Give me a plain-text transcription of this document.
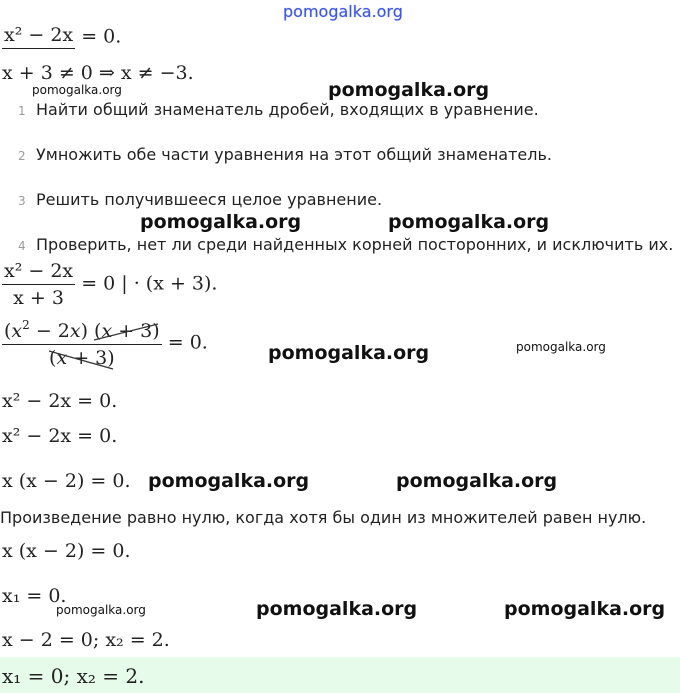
pomogalka.org
x² − 2x = 0.
x + 3 ≠ 0 ⇒ x ≠ −3.
pomogalka.org	pomogalka.org
1 Найти общий знаменатель дробей, входящих в уравнение.
2 Умножить обе части уравнения на этот общий знаменатель.
3 Решить получившееся целое уравнение.
pomogalka.org	pomogalka.org
4 Проверить, нет ли среди найденных корней посторонних, и исключить их.
$\frac{\text{x² − 2x}}{x + 3} = 0$ | · (x + 3).
$\frac{(x^2 - 2x) (x + 3)}{(x + 3)} = 0$.	pomogalka.org	pomogalka.org
x² − 2x = 0.
x² − 2x = 0.
x (x − 2) = 0. pomogalka.org	pomogalka.org
Произведение равно нулю, когда хотя бы один из множителей равен нулю.
x (x − 2) = 0.
x₁ = 0.
pomogalka.org	pomogalka.org	pomogalka.org
x − 2 = 0; x₂ = 2.
x₁ = 0; x₂ = 2.
